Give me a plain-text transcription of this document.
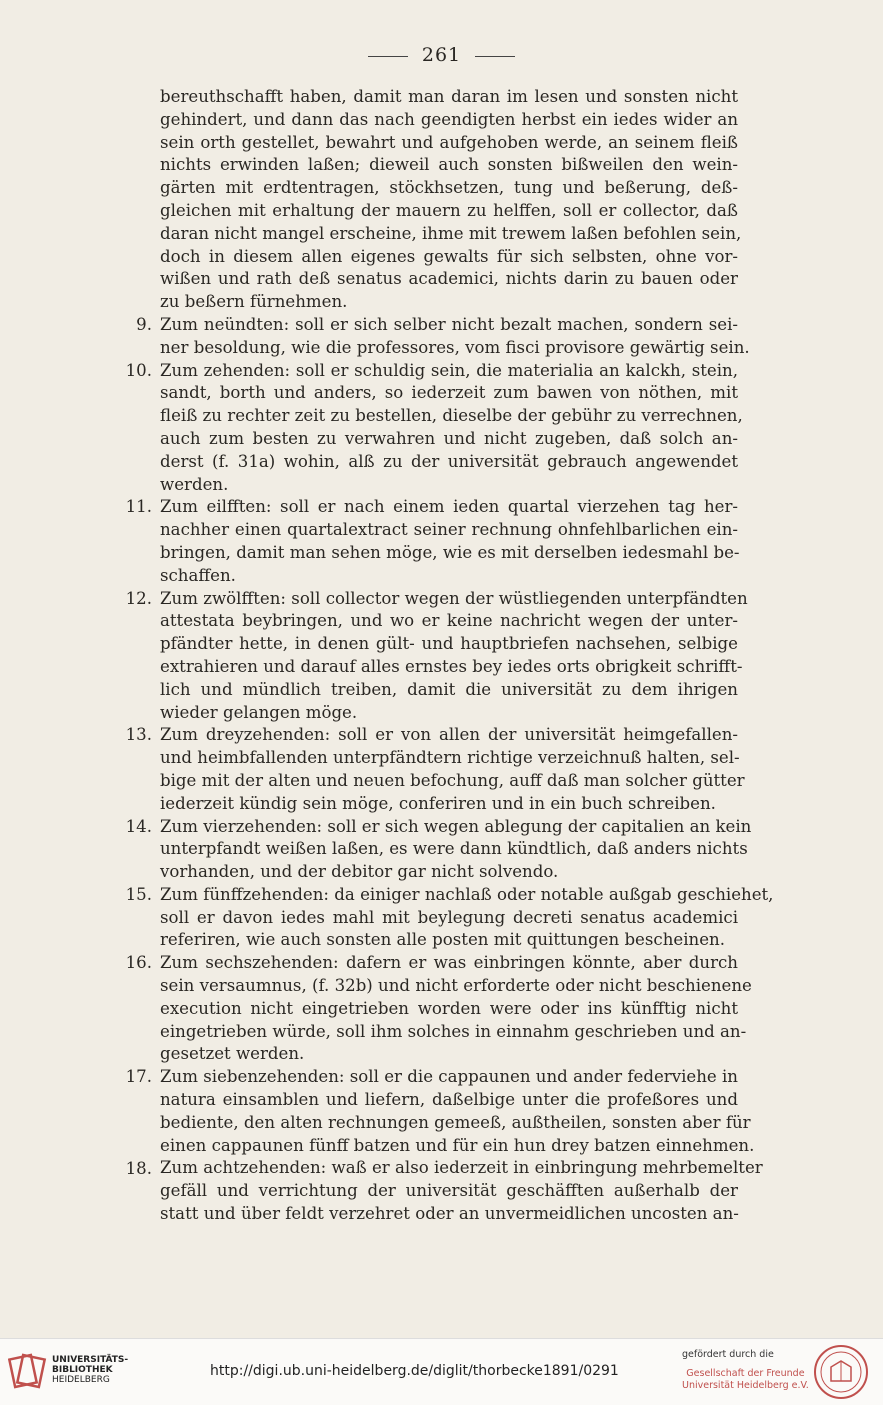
261
bereuthschafft haben, damit man daran im lesen und sonsten nicht
gehindert, und dann das nach geendigten herbst ein iedes wider an
sein orth gestellet, bewahrt und aufgehoben werde, an seinem fleiß
nichts erwinden laßen; dieweil auch sonsten bißweilen den wein-
gärten mit erdtentragen, stöckhsetzen, tung und beßerung, deß-
gleichen mit erhaltung der mauern zu helffen, soll er collector, daß
daran nicht mangel erscheine, ihme mit trewem laßen befohlen sein,
doch in diesem allen eigenes gewalts für sich selbsten, ohne vor-
wißen und rath deß senatus academici, nichts darin zu bauen oder
zu beßern fürnehmen.
9. Zum neündten: soll er sich selber nicht bezalt machen, sondern sei-
ner besoldung, wie die professores, vom fisci provisore gewärtig sein.
10. Zum zehenden: soll er schuldig sein, die materialia an kalckh, stein,
sandt, borth und anders, so iederzeit zum bawen von nöthen, mit
fleiß zu rechter zeit zu bestellen, dieselbe der gebühr zu verrechnen,
auch zum besten zu verwahren und nicht zugeben, daß solch an-
derst (f. 31a) wohin, alß zu der universität gebrauch angewendet
werden.
11. Zum eilfften: soll er nach einem ieden quartal vierzehen tag her-
nachher einen quartalextract seiner rechnung ohnfehlbarlichen ein-
bringen, damit man sehen möge, wie es mit derselben iedesmahl be-
schaffen.
12. Zum zwölfften: soll collector wegen der wüstliegenden unterpfändten
attestata beybringen, und wo er keine nachricht wegen der unter-
pfändter hette, in denen gült- und hauptbriefen nachsehen, selbige
extrahieren und darauf alles ernstes bey iedes orts obrigkeit schrifft-
lich und mündlich treiben, damit die universität zu dem ihrigen
wieder gelangen möge.
13. Zum dreyzehenden: soll er von allen der universität heimgefallen-
und heimbfallenden unterpfändtern richtige verzeichnuß halten, sel-
bige mit der alten und neuen befochung, auff daß man solcher gütter
iederzeit kündig sein möge, conferiren und in ein buch schreiben.
14. Zum vierzehenden: soll er sich wegen ablegung der capitalien an kein
unterpfandt weißen laßen, es were dann kündtlich, daß anders nichts
vorhanden, und der debitor gar nicht solvendo.
15. Zum fünffzehenden: da einiger nachlaß oder notable außgab geschiehet,
soll er davon iedes mahl mit beylegung decreti senatus academici
referiren, wie auch sonsten alle posten mit quittungen bescheinen.
16. Zum sechszehenden: dafern er was einbringen könnte, aber durch
sein versaumnus, (f. 32b) und nicht erforderte oder nicht beschienene
execution nicht eingetrieben worden were oder ins künfftig nicht
eingetrieben würde, soll ihm solches in einnahm geschrieben und an-
gesetzet werden.
17. Zum siebenzehenden: soll er die cappaunen und ander federviehe in
natura einsamblen und liefern, daßelbige unter die profeßores und
bediente, den alten rechnungen gemeeß, außtheilen, sonsten aber für
einen cappaunen fünff batzen und für ein hun drey batzen einnehmen.
18. Zum achtzehenden: waß er also iederzeit in einbringung mehrbemelter
gefäll und verrichtung der universität geschäfften außerhalb der
statt und über feldt verzehret oder an unvermeidlichen uncosten an-
UNIVERSITÄTS-
BIBLIOTHEK
HEIDELBERG
http://digi.ub.uni-heidelberg.de/diglit/thorbecke1891/0291
gefördert durch die
Gesellschaft der Freunde
Universität Heidelberg e.V.
